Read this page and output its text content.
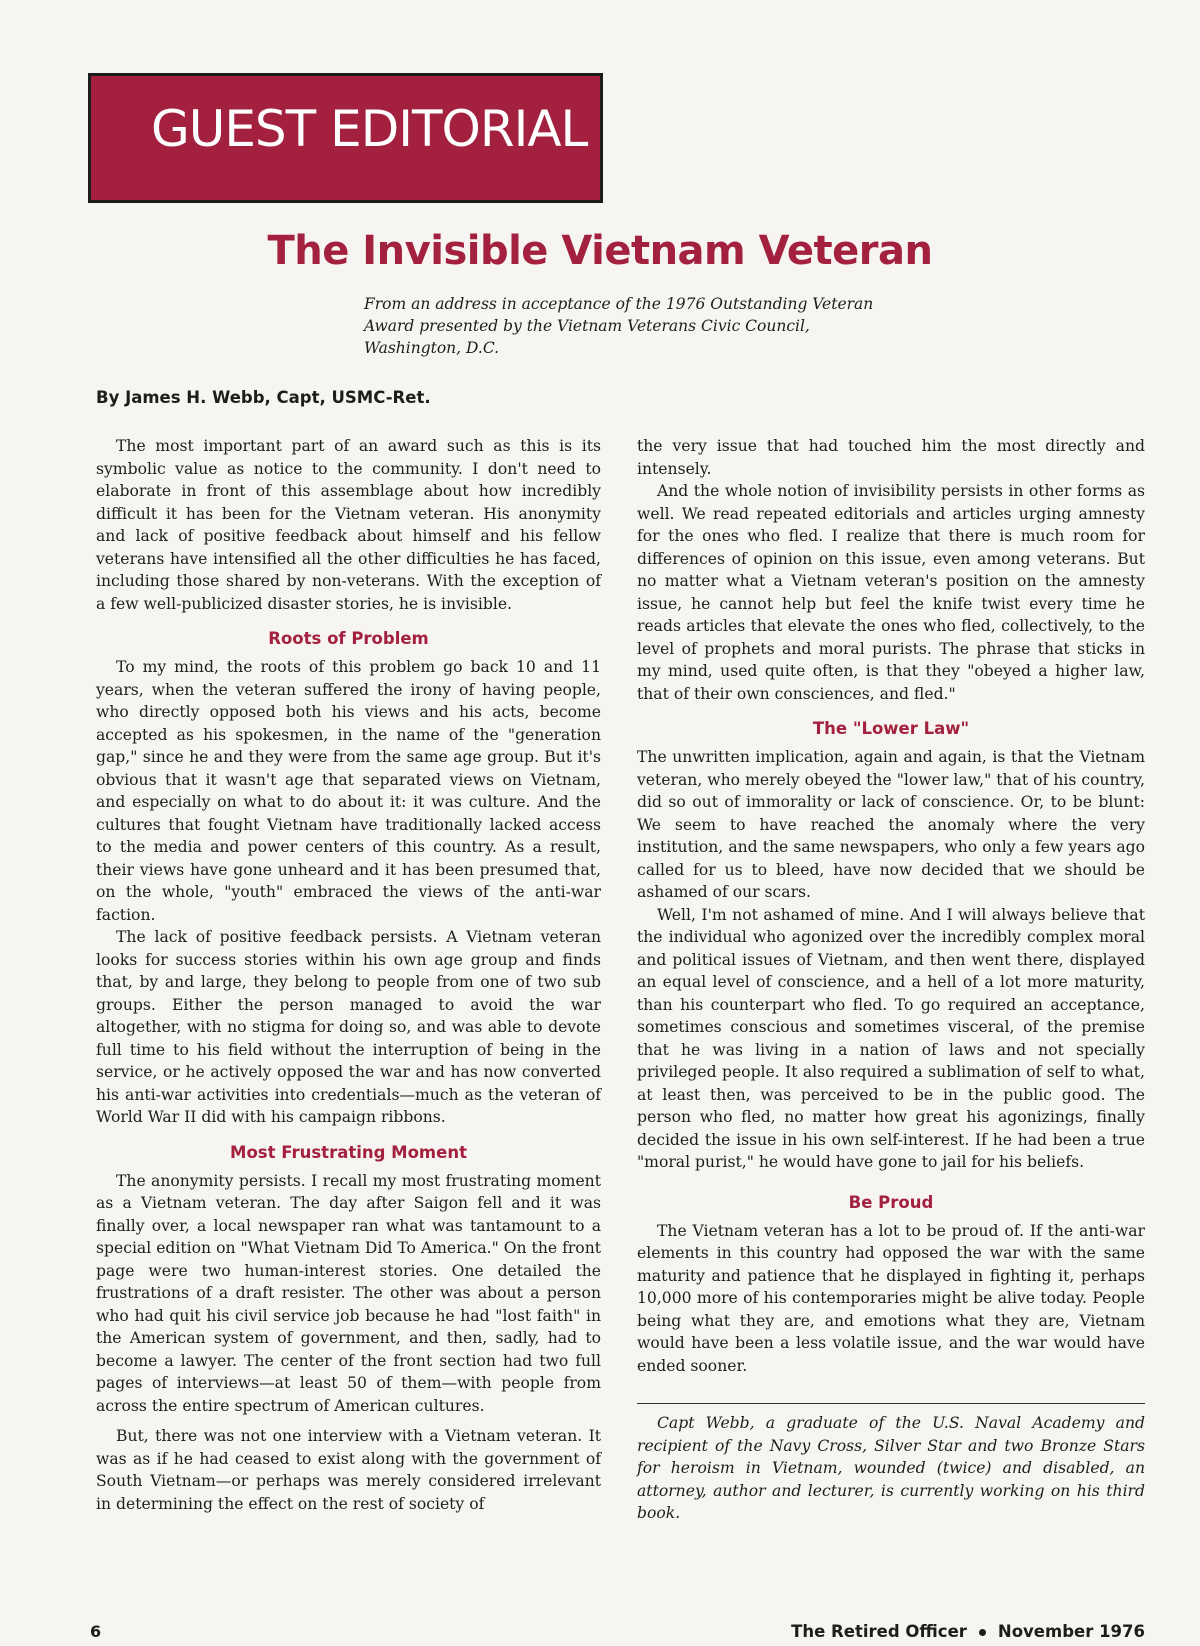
GUEST EDITORIAL
The Invisible Vietnam Veteran
From an address in acceptance of the 1976 Outstanding Veteran Award presented by the Vietnam Veterans Civic Council, Washington, D.C.

By James H. Webb, Capt, USMC-Ret.

The most important part of an award such as this is its symbolic value as notice to the community. I don't need to elaborate in front of this assemblage about how incredibly difficult it has been for the Vietnam veteran. His anonymity and lack of positive feedback about himself and his fellow veterans have intensified all the other difficulties he has faced, including those shared by non-veterans. With the exception of a few well-publicized disaster stories, he is invisible.

Roots of Problem

To my mind, the roots of this problem go back 10 and 11 years, when the veteran suffered the irony of having people, who directly opposed both his views and his acts, become accepted as his spokesmen, in the name of the "generation gap," since he and they were from the same age group. But it's obvious that it wasn't age that separated views on Vietnam, and especially on what to do about it: it was culture. And the cultures that fought Vietnam have traditionally lacked access to the media and power centers of this country. As a result, their views have gone unheard and it has been presumed that, on the whole, "youth" embraced the views of the anti-war faction.

The lack of positive feedback persists. A Vietnam veteran looks for success stories within his own age group and finds that, by and large, they belong to people from one of two sub groups. Either the person managed to avoid the war altogether, with no stigma for doing so, and was able to devote full time to his field without the interruption of being in the service, or he actively opposed the war and has now converted his anti-war activities into credentials—much as the veteran of World War II did with his campaign ribbons.

Most Frustrating Moment

The anonymity persists. I recall my most frustrating moment as a Vietnam veteran. The day after Saigon fell and it was finally over, a local newspaper ran what was tantamount to a special edition on "What Vietnam Did To America." On the front page were two human-interest stories. One detailed the frustrations of a draft resister. The other was about a person who had quit his civil service job because he had "lost faith" in the American system of government, and then, sadly, had to become a lawyer. The center of the front section had two full pages of interviews—at least 50 of them—with people from across the entire spectrum of American cultures.

But, there was not one interview with a Vietnam veteran. It was as if he had ceased to exist along with the government of South Vietnam—or perhaps was merely considered irrelevant in determining the effect on the rest of society of

the very issue that had touched him the most directly and intensely.

And the whole notion of invisibility persists in other forms as well. We read repeated editorials and articles urging amnesty for the ones who fled. I realize that there is much room for differences of opinion on this issue, even among veterans. But no matter what a Vietnam veteran's position on the amnesty issue, he cannot help but feel the knife twist every time he reads articles that elevate the ones who fled, collectively, to the level of prophets and moral purists. The phrase that sticks in my mind, used quite often, is that they "obeyed a higher law, that of their own consciences, and fled."

The "Lower Law"

The unwritten implication, again and again, is that the Vietnam veteran, who merely obeyed the "lower law," that of his country, did so out of immorality or lack of conscience. Or, to be blunt: We seem to have reached the anomaly where the very institution, and the same newspapers, who only a few years ago called for us to bleed, have now decided that we should be ashamed of our scars.

Well, I'm not ashamed of mine. And I will always believe that the individual who agonized over the incredibly complex moral and political issues of Vietnam, and then went there, displayed an equal level of conscience, and a hell of a lot more maturity, than his counterpart who fled. To go required an acceptance, sometimes conscious and sometimes visceral, of the premise that he was living in a nation of laws and not specially privileged people. It also required a sublimation of self to what, at least then, was perceived to be in the public good. The person who fled, no matter how great his agonizings, finally decided the issue in his own self-interest. If he had been a true "moral purist," he would have gone to jail for his beliefs.

Be Proud

The Vietnam veteran has a lot to be proud of. If the anti-war elements in this country had opposed the war with the same maturity and patience that he displayed in fighting it, perhaps 10,000 more of his contemporaries might be alive today. People being what they are, and emotions what they are, Vietnam would have been a less volatile issue, and the war would have ended sooner.

Capt Webb, a graduate of the U.S. Naval Academy and recipient of the Navy Cross, Silver Star and two Bronze Stars for heroism in Vietnam, wounded (twice) and disabled, an attorney, author and lecturer, is currently working on his third book.

6	The Retired Officer November 1976
